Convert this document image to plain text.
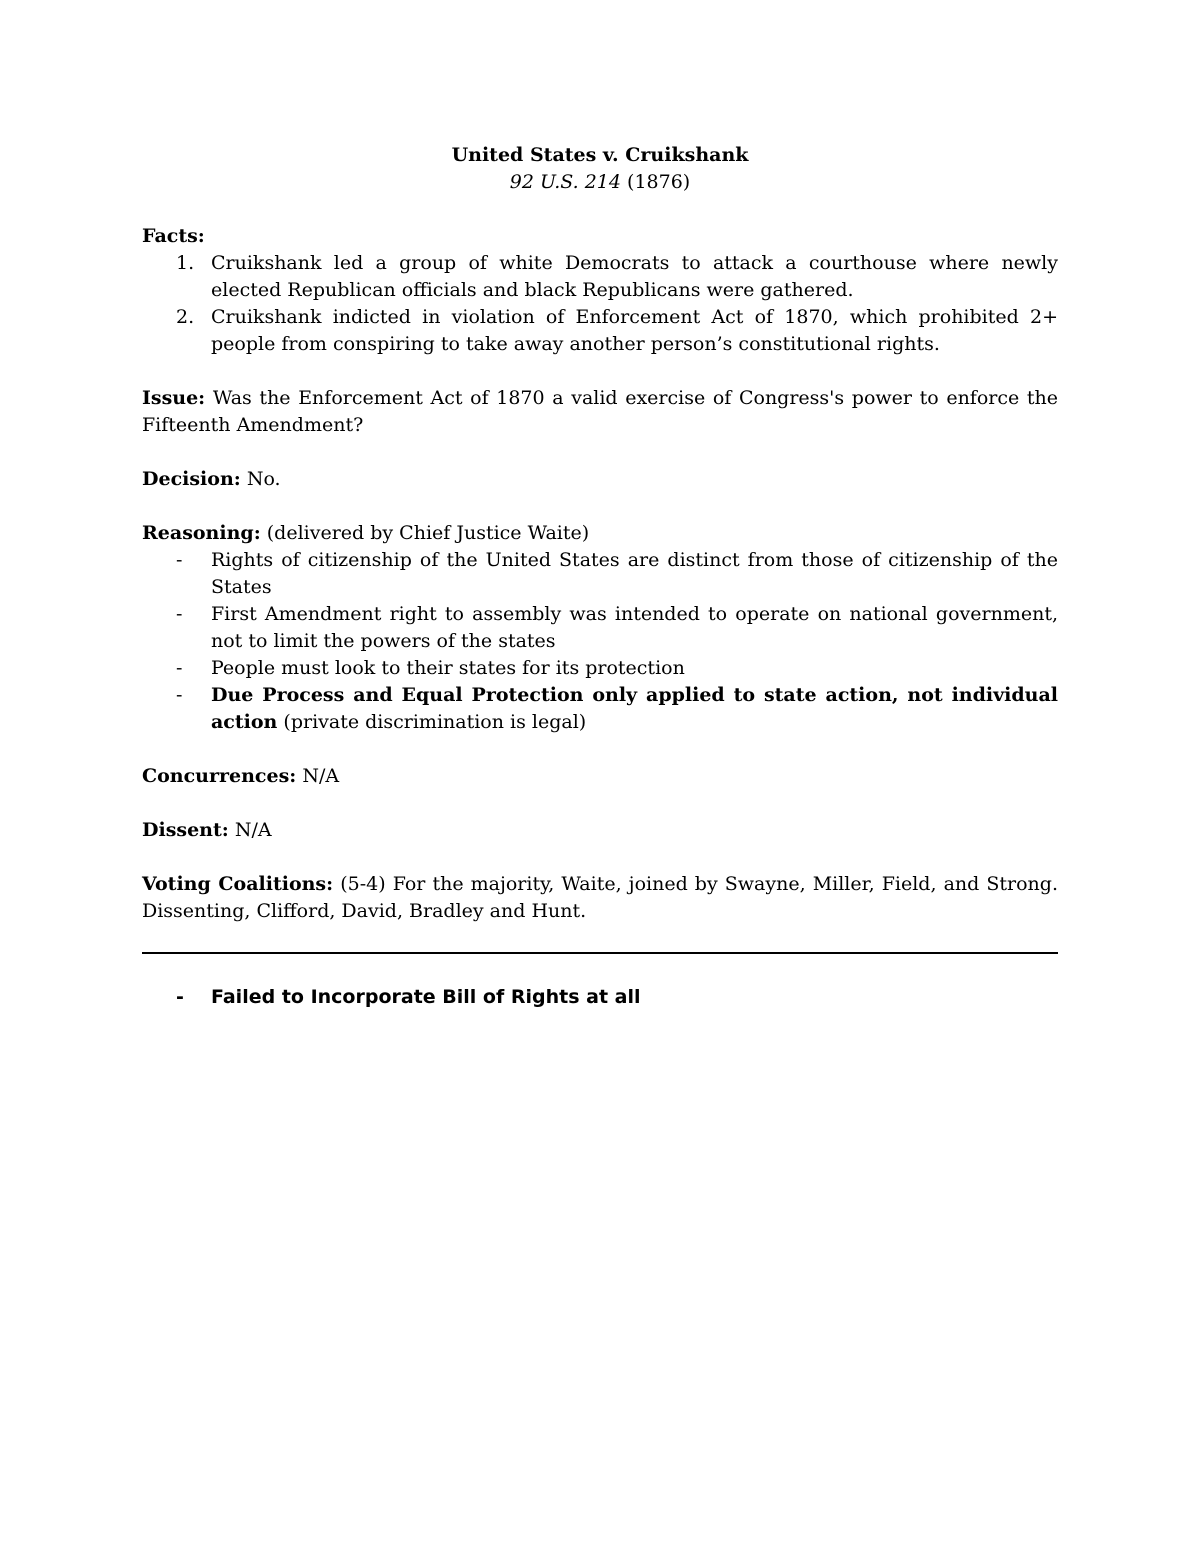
United States v. Cruikshank
92 U.S. 214 (1876)
Facts:
1. Cruikshank led a group of white Democrats to attack a courthouse where newly elected Republican officials and black Republicans were gathered.
2. Cruikshank indicted in violation of Enforcement Act of 1870, which prohibited 2+ people from conspiring to take away another person’s constitutional rights.
Issue: Was the Enforcement Act of 1870 a valid exercise of Congress's power to enforce the Fifteenth Amendment?
Decision: No.
Reasoning: (delivered by Chief Justice Waite)
- Rights of citizenship of the United States are distinct from those of citizenship of the States
- First Amendment right to assembly was intended to operate on national government, not to limit the powers of the states
- People must look to their states for its protection
- Due Process and Equal Protection only applied to state action, not individual action (private discrimination is legal)
Concurrences: N/A
Dissent: N/A
Voting Coalitions: (5-4) For the majority, Waite, joined by Swayne, Miller, Field, and Strong. Dissenting, Clifford, David, Bradley and Hunt.
- Failed to Incorporate Bill of Rights at all
